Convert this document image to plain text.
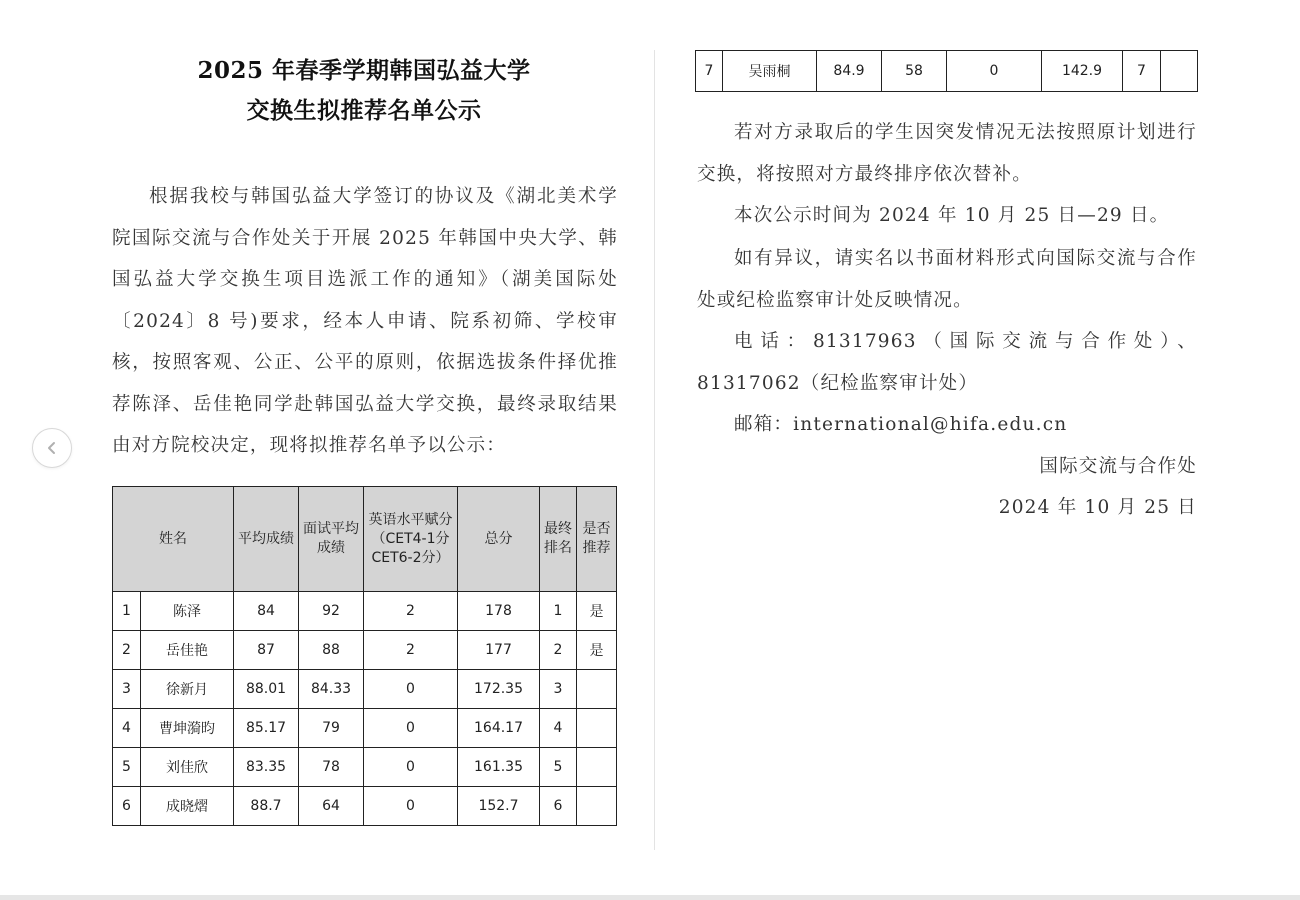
2025 年春季学期韩国弘益大学
交换生拟推荐名单公示

根据我校与韩国弘益大学签订的协议及《湖北美术学院国际交流与合作处关于开展 2025 年韩国中央大学、韩国弘益大学交换生项目选派工作的通知》（湖美国际处〔2024〕8 号)要求，经本人申请、院系初筛、学校审核，按照客观、公正、公平的原则，依据选拔条件择优推荐陈泽、岳佳艳同学赴韩国弘益大学交换，最终录取结果由对方院校决定，现将拟推荐名单予以公示：

姓名		平均成绩	面试平均成绩	英语水平赋分（CET4-1分 CET6-2分）	总分	最终排名	是否推荐
1	陈泽	84	92	2	178	1	是
2	岳佳艳	87	88	2	177	2	是
3	徐新月	88.01	84.33	0	172.35	3	
4	曹坤漪昀	85.17	79	0	164.17	4	
5	刘佳欣	83.35	78	0	161.35	5	
6	成晓熠	88.7	64	0	152.7	6	
7	吴雨桐	84.9	58	0	142.9	7	

若对方录取后的学生因突发情况无法按照原计划进行交换，将按照对方最终排序依次替补。

本次公示时间为 2024 年 10 月 25 日—29 日。

如有异议，请实名以书面材料形式向国际交流与合作处或纪检监察审计处反映情况。

电话：81317963（国际交流与合作处）、81317062（纪检监察审计处）

邮箱：international@hifa.edu.cn

国际交流与合作处

2024 年 10 月 25 日
